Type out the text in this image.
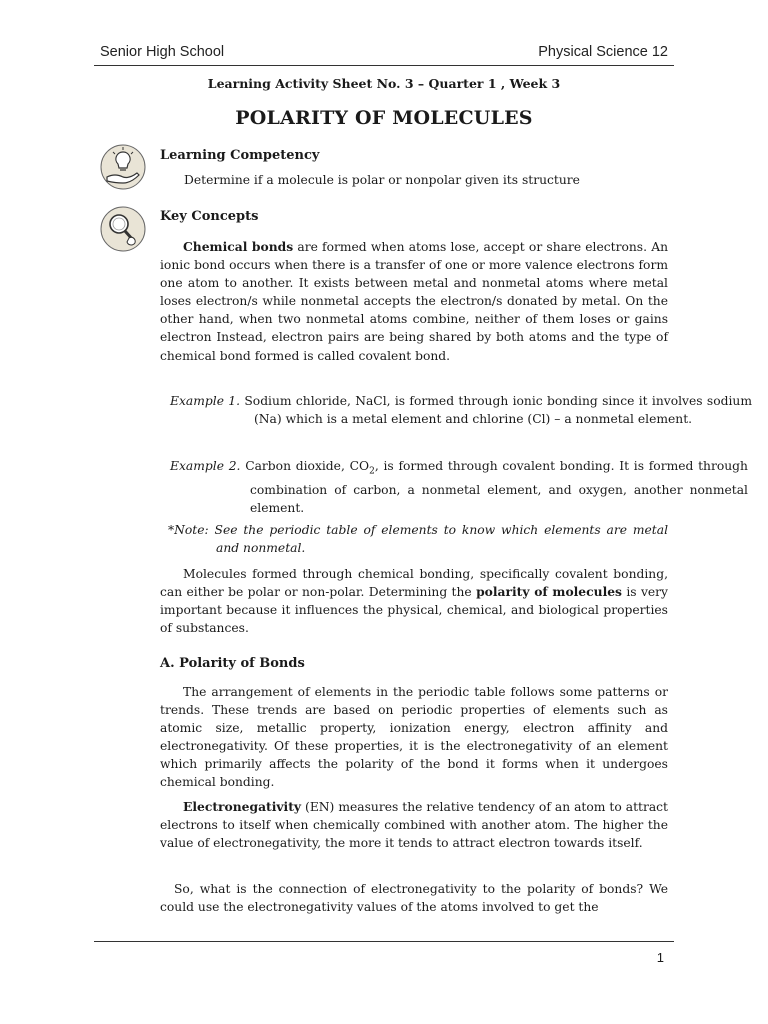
Senior High School	Physical Science 12
Learning Activity Sheet No. 3 – Quarter 1 , Week 3
POLARITY OF MOLECULES
Learning Competency
Determine if a molecule is polar or nonpolar given its structure
Key Concepts
Chemical bonds are formed when atoms lose, accept or share electrons. An ionic bond occurs when there is a transfer of one or more valence electrons form one atom to another. It exists between metal and nonmetal atoms where metal loses electron/s while nonmetal accepts the electron/s donated by metal. On the other hand, when two nonmetal atoms combine, neither of them loses or gains electron Instead, electron pairs are being shared by both atoms and the type of chemical bond formed is called covalent bond.
Example 1. Sodium chloride, NaCl, is formed through ionic bonding since it involves sodium (Na) which is a metal element and chlorine (Cl) – a nonmetal element.
Example 2. Carbon dioxide, $CO_2$, is formed through covalent bonding. It is formed through combination of carbon, a nonmetal element, and oxygen, another nonmetal element.
*Note: See the periodic table of elements to know which elements are metal and nonmetal.
Molecules formed through chemical bonding, specifically covalent bonding, can either be polar or non-polar. Determining the polarity of molecules is very important because it influences the physical, chemical, and biological properties of substances.
A. Polarity of Bonds
The arrangement of elements in the periodic table follows some patterns or trends. These trends are based on periodic properties of elements such as atomic size, metallic property, ionization energy, electron affinity and electronegativity. Of these properties, it is the electronegativity of an element which primarily affects the polarity of the bond it forms when it undergoes chemical bonding.
Electronegativity (EN) measures the relative tendency of an atom to attract electrons to itself when chemically combined with another atom. The higher the value of electronegativity, the more it tends to attract electron towards itself.
So, what is the connection of electronegativity to the polarity of bonds? We could use the electronegativity values of the atoms involved to get the
1
